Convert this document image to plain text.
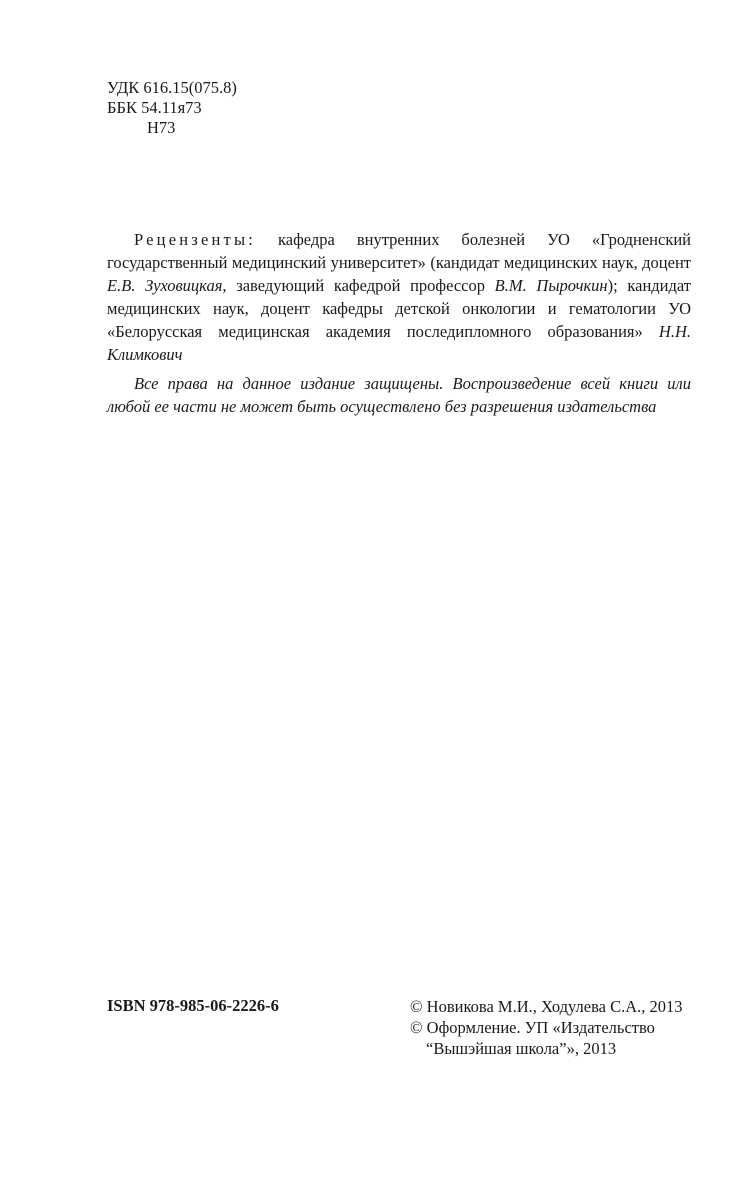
УДК 616.15(075.8)
ББК 54.11я73
Н73

Рецензенты: кафедра внутренних болезней УО «Гродненский государственный медицинский университет» (кандидат медицинских наук, доцент Е.В. Зуховицкая, заведующий кафедрой профессор В.М. Пырочкин); кандидат медицинских наук, доцент кафедры детской онкологии и гематологии УО «Белорусская медицинская академия последипломного образования» Н.Н. Климкович

Все права на данное издание защищены. Воспроизведение всей книги или любой ее части не может быть осуществлено без разрешения издательства

ISBN 978-985-06-2226-6	© Новикова М.И., Ходулева С.А., 2013
© Оформление. УП «Издательство
“Вышэйшая школа”», 2013
